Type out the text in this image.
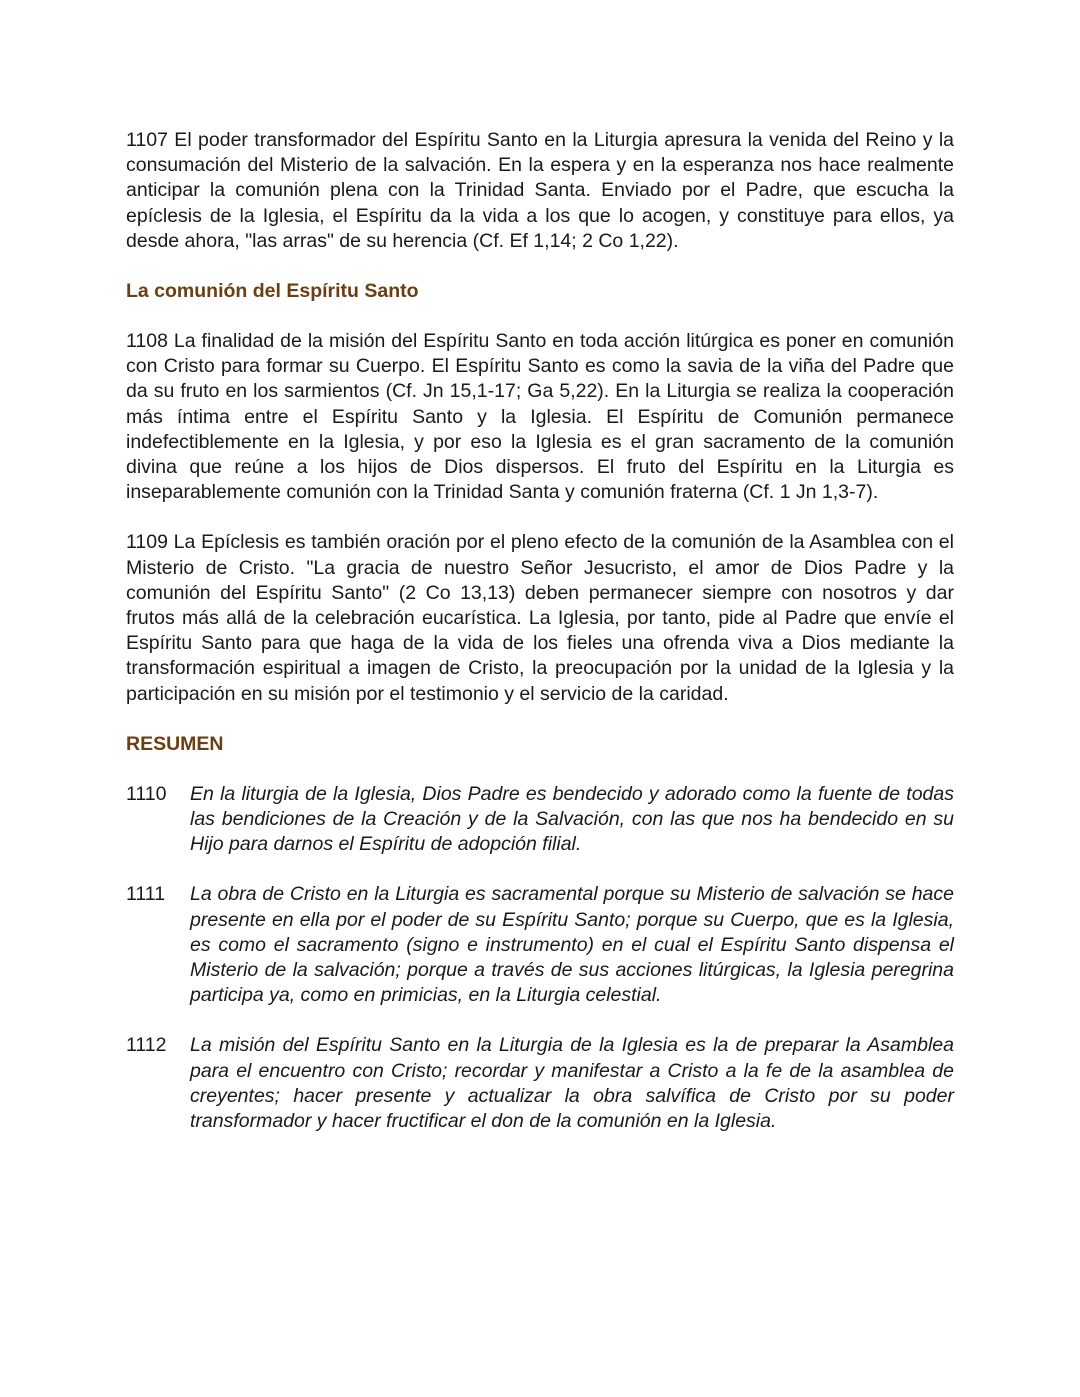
1107 El poder transformador del Espíritu Santo en la Liturgia apresura la venida del Reino y la consumación del Misterio de la salvación. En la espera y en la esperanza nos hace realmente anticipar la comunión plena con la Trinidad Santa. Enviado por el Padre, que escucha la epíclesis de la Iglesia, el Espíritu da la vida a los que lo acogen, y constituye para ellos, ya desde ahora, "las arras" de su herencia (Cf. Ef 1,14; 2 Co 1,22).

La comunión del Espíritu Santo

1108 La finalidad de la misión del Espíritu Santo en toda acción litúrgica es poner en comunión con Cristo para formar su Cuerpo. El Espíritu Santo es como la savia de la viña del Padre que da su fruto en los sarmientos (Cf. Jn 15,1-17; Ga 5,22). En la Liturgia se realiza la cooperación más íntima entre el Espíritu Santo y la Iglesia. El Espíritu de Comunión permanece indefectiblemente en la Iglesia, y por eso la Iglesia es el gran sacramento de la comunión divina que reúne a los hijos de Dios dispersos. El fruto del Espíritu en la Liturgia es inseparablemente comunión con la Trinidad Santa y comunión fraterna (Cf. 1 Jn 1,3-7).

1109 La Epíclesis es también oración por el pleno efecto de la comunión de la Asamblea con el Misterio de Cristo. "La gracia de nuestro Señor Jesucristo, el amor de Dios Padre y la comunión del Espíritu Santo" (2 Co 13,13) deben permanecer siempre con nosotros y dar frutos más allá de la celebración eucarística. La Iglesia, por tanto, pide al Padre que envíe el Espíritu Santo para que haga de la vida de los fieles una ofrenda viva a Dios mediante la transformación espiritual a imagen de Cristo, la preocupación por la unidad de la Iglesia y la participación en su misión por el testimonio y el servicio de la caridad.

RESUMEN
1110	En la liturgia de la Iglesia, Dios Padre es bendecido y adorado como la fuente de todas las bendiciones de la Creación y de la Salvación, con las que nos ha bendecido en su Hijo para darnos el Espíritu de adopción filial.
1111	La obra de Cristo en la Liturgia es sacramental porque su Misterio de salvación se hace presente en ella por el poder de su Espíritu Santo; porque su Cuerpo, que es la Iglesia, es como el sacramento (signo e instrumento) en el cual el Espíritu Santo dispensa el Misterio de la salvación; porque a través de sus acciones litúrgicas, la Iglesia peregrina participa ya, como en primicias, en la Liturgia celestial.
1112	La misión del Espíritu Santo en la Liturgia de la Iglesia es la de preparar la Asamblea para el encuentro con Cristo; recordar y manifestar a Cristo a la fe de la asamblea de creyentes; hacer presente y actualizar la obra salvífica de Cristo por su poder transformador y hacer fructificar el don de la comunión en la Iglesia.
